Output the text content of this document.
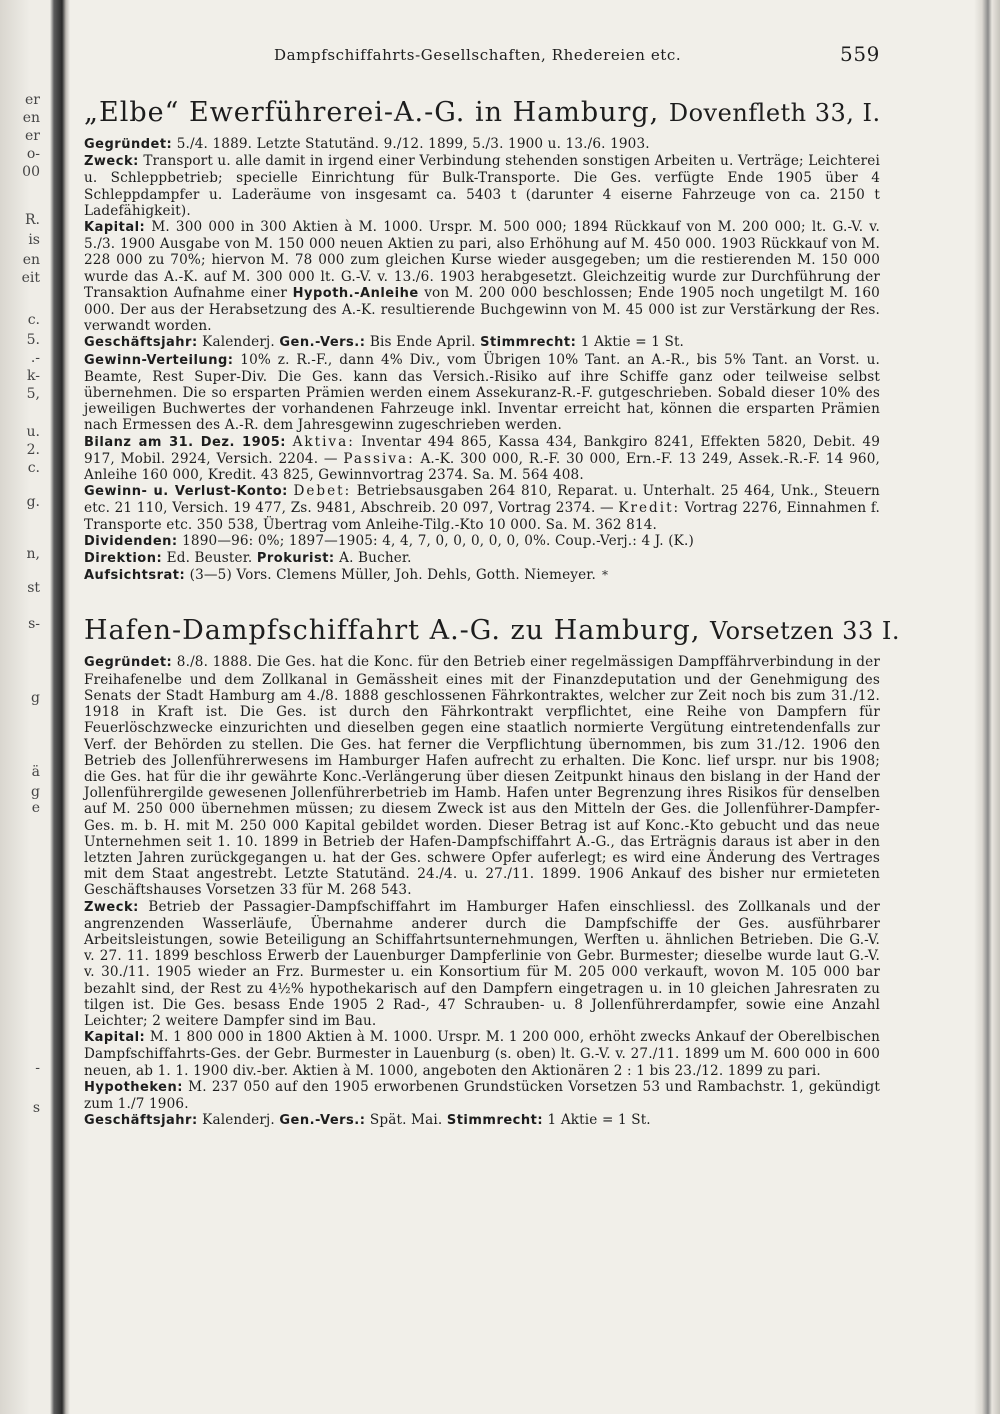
er
en
er
o-
00
R.
is
en
eit
c.
5.
.-
k-
5,
u.
2.
c.
g.
n,
st
s-
g
ä
g
e
-
s
Dampfschiffahrts-Gesellschaften, Rhedereien etc.	559
„Elbe“ Ewerführerei-A.-G. in Hamburg, Dovenfleth 33, I.

Gegründet: 5./4. 1889. Letzte Statutänd. 9./12. 1899, 5./3. 1900 u. 13./6. 1903.

Zweck: Transport u. alle damit in irgend einer Verbindung stehenden sonstigen Arbeiten u. Verträge; Leichterei u. Schleppbetrieb; specielle Einrichtung für Bulk-Transporte. Die Ges. verfügte Ende 1905 über 4 Schleppdampfer u. Laderäume von insgesamt ca. 5403 t (darunter 4 eiserne Fahrzeuge von ca. 2150 t Ladefähigkeit).

Kapital: M. 300 000 in 300 Aktien à M. 1000. Urspr. M. 500 000; 1894 Rückkauf von M. 200 000; lt. G.-V. v. 5./3. 1900 Ausgabe von M. 150 000 neuen Aktien zu pari, also Erhöhung auf M. 450 000. 1903 Rückkauf von M. 228 000 zu 70%; hiervon M. 78 000 zum gleichen Kurse wieder ausgegeben; um die restierenden M. 150 000 wurde das A.-K. auf M. 300 000 lt. G.-V. v. 13./6. 1903 herabgesetzt. Gleichzeitig wurde zur Durchführung der Transaktion Aufnahme einer Hypoth.-Anleihe von M. 200 000 beschlossen; Ende 1905 noch ungetilgt M. 160 000. Der aus der Herabsetzung des A.-K. resultierende Buchgewinn von M. 45 000 ist zur Verstärkung der Res. verwandt worden.

Geschäftsjahr: Kalenderj. Gen.-Vers.: Bis Ende April. Stimmrecht: 1 Aktie = 1 St.

Gewinn-Verteilung: 10% z. R.-F., dann 4% Div., vom Übrigen 10% Tant. an A.-R., bis 5% Tant. an Vorst. u. Beamte, Rest Super-Div. Die Ges. kann das Versich.-Risiko auf ihre Schiffe ganz oder teilweise selbst übernehmen. Die so ersparten Prämien werden einem Assekuranz-R.-F. gutgeschrieben. Sobald dieser 10% des jeweiligen Buchwertes der vorhandenen Fahrzeuge inkl. Inventar erreicht hat, können die ersparten Prämien nach Ermessen des A.-R. dem Jahresgewinn zugeschrieben werden.

Bilanz am 31. Dez. 1905: Aktiva: Inventar 494 865, Kassa 434, Bankgiro 8241, Effekten 5820, Debit. 49 917, Mobil. 2924, Versich. 2204. — Passiva: A.-K. 300 000, R.-F. 30 000, Ern.-F. 13 249, Assek.-R.-F. 14 960, Anleihe 160 000, Kredit. 43 825, Gewinnvortrag 2374. Sa. M. 564 408.

Gewinn- u. Verlust-Konto: Debet: Betriebsausgaben 264 810, Reparat. u. Unterhalt. 25 464, Unk., Steuern etc. 21 110, Versich. 19 477, Zs. 9481, Abschreib. 20 097, Vortrag 2374. — Kredit: Vortrag 2276, Einnahmen f. Transporte etc. 350 538, Übertrag vom Anleihe-Tilg.-Kto 10 000. Sa. M. 362 814.

Dividenden: 1890—96: 0%; 1897—1905: 4, 4, 7, 0, 0, 0, 0, 0, 0%. Coup.-Verj.: 4 J. (K.)

Direktion: Ed. Beuster. Prokurist: A. Bucher.

Aufsichtsrat: (3—5) Vors. Clemens Müller, Joh. Dehls, Gotth. Niemeyer. *

Hafen-Dampfschiffahrt A.-G. zu Hamburg, Vorsetzen 33 I.

Gegründet: 8./8. 1888. Die Ges. hat die Konc. für den Betrieb einer regelmässigen Dampffährverbindung in der Freihafenelbe und dem Zollkanal in Gemässheit eines mit der Finanzdeputation und der Genehmigung des Senats der Stadt Hamburg am 4./8. 1888 geschlossenen Fährkontraktes, welcher zur Zeit noch bis zum 31./12. 1918 in Kraft ist. Die Ges. ist durch den Fährkontrakt verpflichtet, eine Reihe von Dampfern für Feuerlöschzwecke einzurichten und dieselben gegen eine staatlich normierte Vergütung eintretendenfalls zur Verf. der Behörden zu stellen. Die Ges. hat ferner die Verpflichtung übernommen, bis zum 31./12. 1906 den Betrieb des Jollenführerwesens im Hamburger Hafen aufrecht zu erhalten. Die Konc. lief urspr. nur bis 1908; die Ges. hat für die ihr gewährte Konc.-Verlängerung über diesen Zeitpunkt hinaus den bislang in der Hand der Jollenführergilde gewesenen Jollenführerbetrieb im Hamb. Hafen unter Begrenzung ihres Risikos für denselben auf M. 250 000 übernehmen müssen; zu diesem Zweck ist aus den Mitteln der Ges. die Jollenführer-Dampfer-Ges. m. b. H. mit M. 250 000 Kapital gebildet worden. Dieser Betrag ist auf Konc.-Kto gebucht und das neue Unternehmen seit 1. 10. 1899 in Betrieb der Hafen-Dampfschiffahrt A.-G., das Erträgnis daraus ist aber in den letzten Jahren zurückgegangen u. hat der Ges. schwere Opfer auferlegt; es wird eine Änderung des Vertrages mit dem Staat angestrebt. Letzte Statutänd. 24./4. u. 27./11. 1899. 1906 Ankauf des bisher nur ermieteten Geschäftshauses Vorsetzen 33 für M. 268 543.

Zweck: Betrieb der Passagier-Dampfschiffahrt im Hamburger Hafen einschliessl. des Zollkanals und der angrenzenden Wasserläufe, Übernahme anderer durch die Dampfschiffe der Ges. ausführbarer Arbeitsleistungen, sowie Beteiligung an Schiffahrtsunternehmungen, Werften u. ähnlichen Betrieben. Die G.-V. v. 27. 11. 1899 beschloss Erwerb der Lauenburger Dampferlinie von Gebr. Burmester; dieselbe wurde laut G.-V. v. 30./11. 1905 wieder an Frz. Burmester u. ein Konsortium für M. 205 000 verkauft, wovon M. 105 000 bar bezahlt sind, der Rest zu 4½% hypothekarisch auf den Dampfern eingetragen u. in 10 gleichen Jahresraten zu tilgen ist. Die Ges. besass Ende 1905 2 Rad-, 47 Schrauben- u. 8 Jollenführerdampfer, sowie eine Anzahl Leichter; 2 weitere Dampfer sind im Bau.

Kapital: M. 1 800 000 in 1800 Aktien à M. 1000. Urspr. M. 1 200 000, erhöht zwecks Ankauf der Oberelbischen Dampfschiffahrts-Ges. der Gebr. Burmester in Lauenburg (s. oben) lt. G.-V. v. 27./11. 1899 um M. 600 000 in 600 neuen, ab 1. 1. 1900 div.-ber. Aktien à M. 1000, angeboten den Aktionären 2 : 1 bis 23./12. 1899 zu pari.

Hypotheken: M. 237 050 auf den 1905 erworbenen Grundstücken Vorsetzen 53 und Rambachstr. 1, gekündigt zum 1./7 1906.

Geschäftsjahr: Kalenderj. Gen.-Vers.: Spät. Mai. Stimmrecht: 1 Aktie = 1 St.
